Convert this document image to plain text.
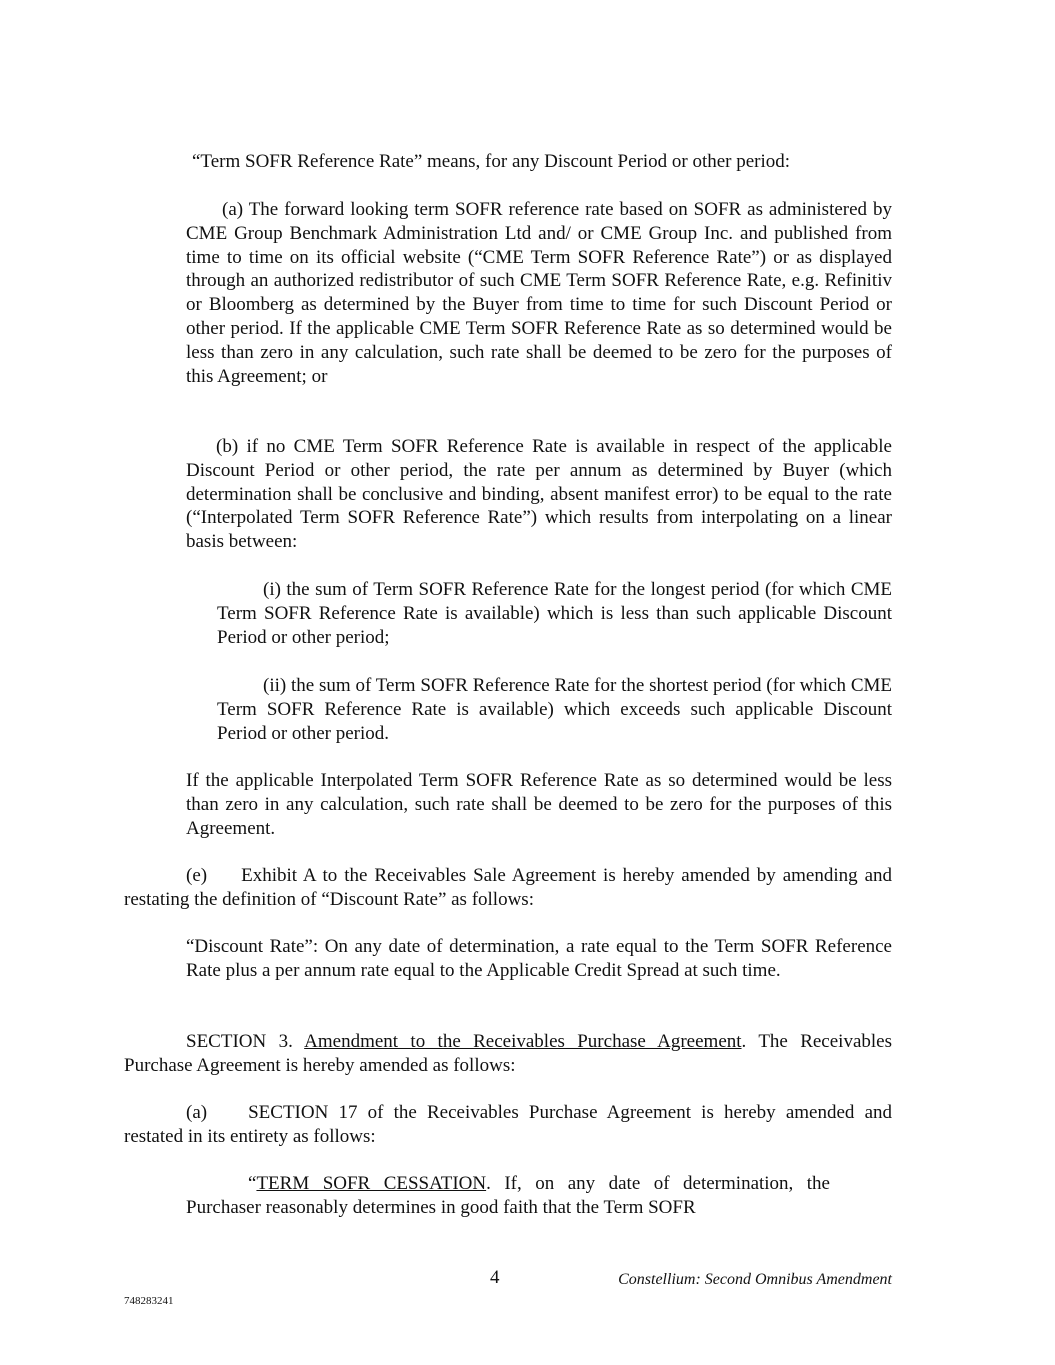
“Term SOFR Reference Rate” means, for any Discount Period or other period:

(a) The forward looking term SOFR reference rate based on SOFR as administered by CME Group Benchmark Administration Ltd and/ or CME Group Inc. and published from time to time on its official website (“CME Term SOFR Reference Rate”) or as displayed through an authorized redistributor of such CME Term SOFR Reference Rate, e.g. Refinitiv or Bloomberg as determined by the Buyer from time to time for such Discount Period or other period. If the applicable CME Term SOFR Reference Rate as so determined would be less than zero in any calculation, such rate shall be deemed to be zero for the purposes of this Agreement; or

(b) if no CME Term SOFR Reference Rate is available in respect of the applicable Discount Period or other period, the rate per annum as determined by Buyer (which determination shall be conclusive and binding, absent manifest error) to be equal to the rate (“Interpolated Term SOFR Reference Rate”) which results from interpolating on a linear basis between:

(i) the sum of Term SOFR Reference Rate for the longest period (for which CME Term SOFR Reference Rate is available) which is less than such applicable Discount Period or other period;

(ii) the sum of Term SOFR Reference Rate for the shortest period (for which CME Term SOFR Reference Rate is available) which exceeds such applicable Discount Period or other period.

If the applicable Interpolated Term SOFR Reference Rate as so determined would be less than zero in any calculation, such rate shall be deemed to be zero for the purposes of this Agreement.

(e) Exhibit A to the Receivables Sale Agreement is hereby amended by amending and restating the definition of “Discount Rate” as follows:

“Discount Rate”: On any date of determination, a rate equal to the Term SOFR Reference Rate plus a per annum rate equal to the Applicable Credit Spread at such time.

SECTION 3. Amendment to the Receivables Purchase Agreement. The Receivables Purchase Agreement is hereby amended as follows:

(a) SECTION 17 of the Receivables Purchase Agreement is hereby amended and restated in its entirety as follows:

“TERM SOFR CESSATION. If, on any date of determination, the Purchaser reasonably determines in good faith that the Term SOFR

4	Constellium: Second Omnibus Amendment
748283241
